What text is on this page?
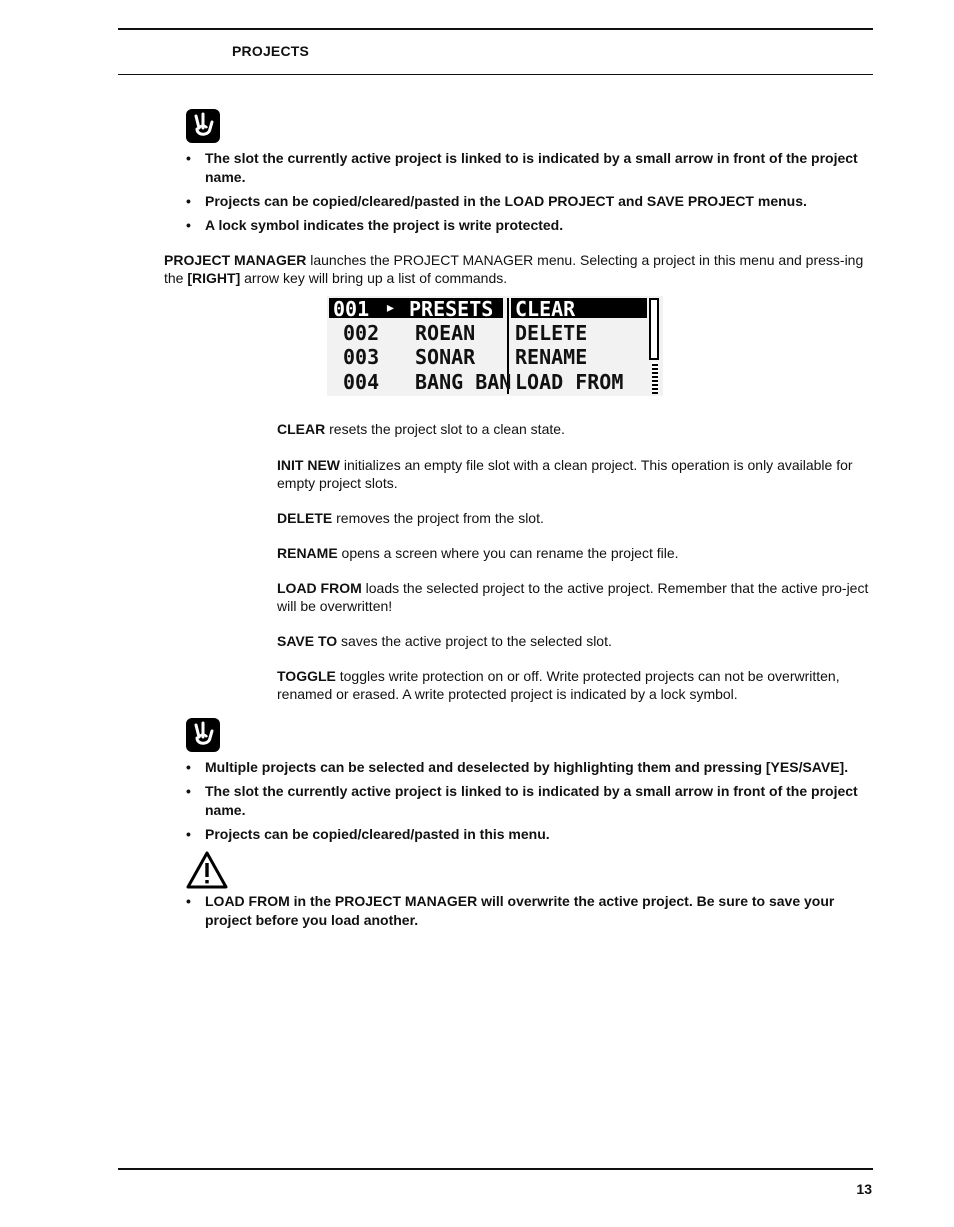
PROJECTS
• The slot the currently active project is linked to is indicated by a small arrow in front of the project name.
• Projects can be copied/cleared/pasted in the LOAD PROJECT and SAVE PROJECT menus.
• A lock symbol indicates the project is write protected.

PROJECT MANAGER launches the PROJECT MANAGER menu. Selecting a project in this menu and press-ing the [RIGHT] arrow key will bring up a list of commands.

001 ▸ PRESETS CLEAR
002 ROEAN DELETE
003 SONAR RENAME
004 BANG BAN LOAD FROM

CLEAR resets the project slot to a clean state.

INIT NEW initializes an empty file slot with a clean project. This operation is only available for empty project slots.

DELETE removes the project from the slot.

RENAME opens a screen where you can rename the project file.

LOAD FROM loads the selected project to the active project. Remember that the active pro-ject will be overwritten!

SAVE TO saves the active project to the selected slot.

TOGGLE toggles write protection on or off. Write protected projects can not be overwritten, renamed or erased. A write protected project is indicated by a lock symbol.

• Multiple projects can be selected and deselected by highlighting them and pressing [YES/SAVE].
• The slot the currently active project is linked to is indicated by a small arrow in front of the project name.
• Projects can be copied/cleared/pasted in this menu.
• LOAD FROM in the PROJECT MANAGER will overwrite the active project. Be sure to save your project before you load another.
13
